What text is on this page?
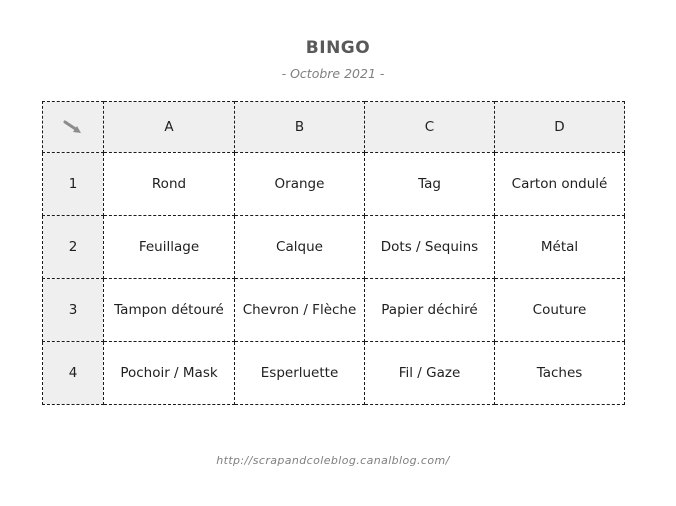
BINGO
- Octobre 2021 -
	A	B	C	D
1	Rond	Orange	Tag	Carton ondulé
2	Feuillage	Calque	Dots / Sequins	Métal
3	Tampon détouré	Chevron / Flèche	Papier déchiré	Couture
4	Pochoir / Mask	Esperluette	Fil / Gaze	Taches
http://scrapandcoleblog.canalblog.com/
